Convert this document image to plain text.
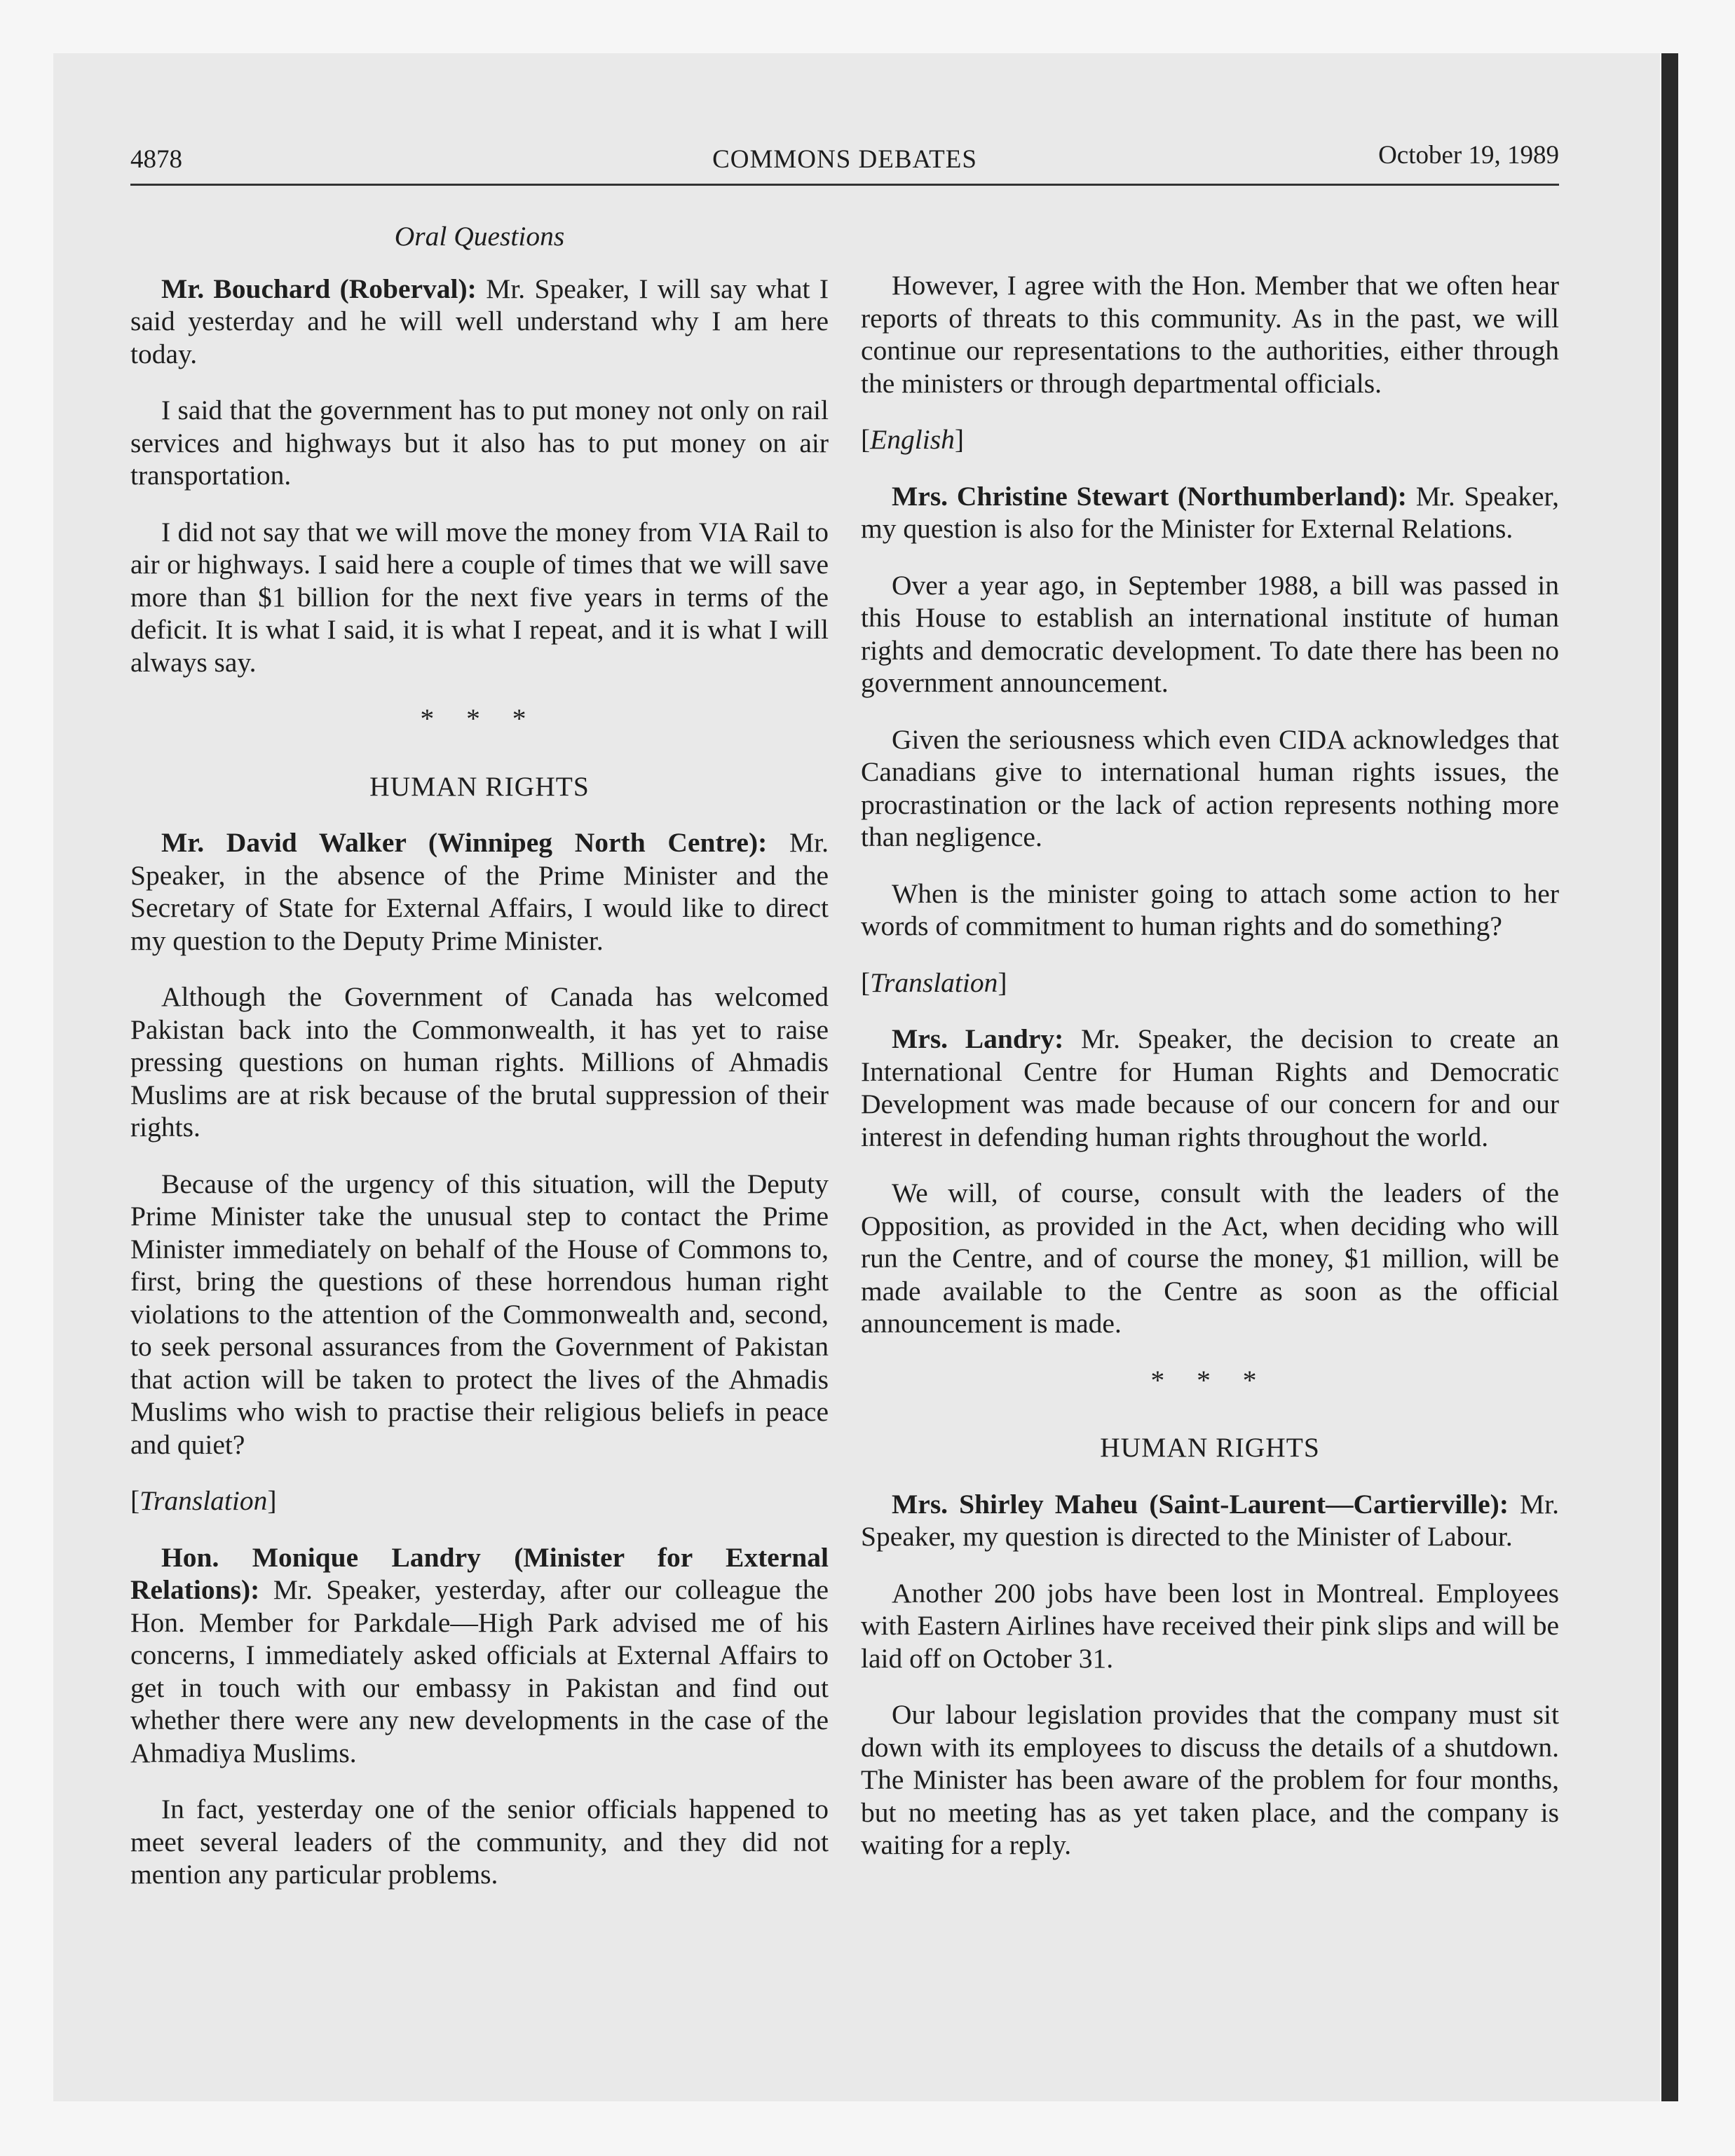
4878	COMMONS DEBATES	October 19, 1989
Oral Questions

Mr. Bouchard (Roberval): Mr. Speaker, I will say what I said yesterday and he will well understand why I am here today.

I said that the government has to put money not only on rail services and highways but it also has to put money on air transportation.

I did not say that we will move the money from VIA Rail to air or highways. I said here a couple of times that we will save more than $1 billion for the next five years in terms of the deficit. It is what I said, it is what I repeat, and it is what I will always say.

* * *
HUMAN RIGHTS

Mr. David Walker (Winnipeg North Centre): Mr. Speaker, in the absence of the Prime Minister and the Secretary of State for External Affairs, I would like to direct my question to the Deputy Prime Minister.

Although the Government of Canada has welcomed Pakistan back into the Commonwealth, it has yet to raise pressing questions on human rights. Millions of Ahmadis Muslims are at risk because of the brutal suppression of their rights.

Because of the urgency of this situation, will the Deputy Prime Minister take the unusual step to contact the Prime Minister immediately on behalf of the House of Commons to, first, bring the questions of these horrendous human right violations to the attention of the Commonwealth and, second, to seek personal assurances from the Government of Pakistan that action will be taken to protect the lives of the Ahmadis Muslims who wish to practise their religious beliefs in peace and quiet?

[Translation]

Hon. Monique Landry (Minister for External Relations): Mr. Speaker, yesterday, after our colleague the Hon. Member for Parkdale—High Park advised me of his concerns, I immediately asked officials at External Affairs to get in touch with our embassy in Pakistan and find out whether there were any new developments in the case of the Ahmadiya Muslims.

In fact, yesterday one of the senior officials happened to meet several leaders of the community, and they did not mention any particular problems.

However, I agree with the Hon. Member that we often hear reports of threats to this community. As in the past, we will continue our representations to the authorities, either through the ministers or through departmental officials.

[English]

Mrs. Christine Stewart (Northumberland): Mr. Speaker, my question is also for the Minister for External Relations.

Over a year ago, in September 1988, a bill was passed in this House to establish an international institute of human rights and democratic development. To date there has been no government announcement.

Given the seriousness which even CIDA acknowledges that Canadians give to international human rights issues, the procrastination or the lack of action represents nothing more than negligence.

When is the minister going to attach some action to her words of commitment to human rights and do something?

[Translation]

Mrs. Landry: Mr. Speaker, the decision to create an International Centre for Human Rights and Democratic Development was made because of our concern for and our interest in defending human rights throughout the world.

We will, of course, consult with the leaders of the Opposition, as provided in the Act, when deciding who will run the Centre, and of course the money, $1 million, will be made available to the Centre as soon as the official announcement is made.

* * *
HUMAN RIGHTS

Mrs. Shirley Maheu (Saint-Laurent—Cartierville): Mr. Speaker, my question is directed to the Minister of Labour.

Another 200 jobs have been lost in Montreal. Employees with Eastern Airlines have received their pink slips and will be laid off on October 31.

Our labour legislation provides that the company must sit down with its employees to discuss the details of a shutdown. The Minister has been aware of the problem for four months, but no meeting has as yet taken place, and the company is waiting for a reply.
